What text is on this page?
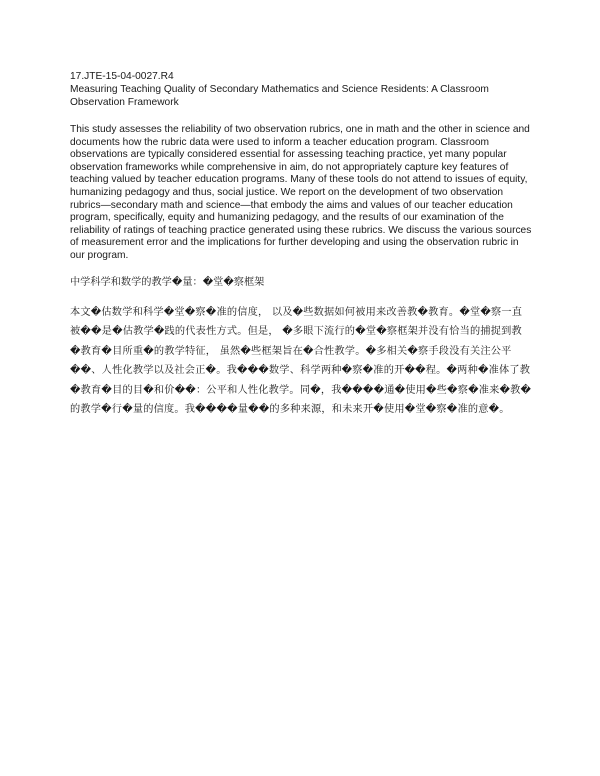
17.JTE-15-04-0027.R4

Measuring Teaching Quality of Secondary Mathematics and Science Residents: A Classroom Observation Framework

This study assesses the reliability of two observation rubrics, one in math and the other in science and documents how the rubric data were used to inform a teacher education program. Classroom observations are typically considered essential for assessing teaching practice, yet many popular observation frameworks while comprehensive in aim, do not appropriately capture key features of teaching valued by teacher education programs. Many of these tools do not attend to issues of equity, humanizing pedagogy and thus, social justice. We report on the development of two observation rubrics—secondary math and science—that embody the aims and values of our teacher education program, specifically, equity and humanizing pedagogy, and the results of our examination of the reliability of ratings of teaching practice generated using these rubrics. We discuss the various sources of measurement error and the implications for further developing and using the observation rubric in our program.

中学科学和数学的教学�量：�堂�察框架

本文�估数学和科学�堂�察�准的信度， 以及�些数据如何被用来改善教�教育。�堂�察一直被��是�估教学�践的代表性方式。但是， �多眼下流行的�堂�察框架并没有恰当的捕捉到教�教育�目所重�的教学特征， 虽然�些框架旨在�合性教学。�多相关�察手段没有关注公平��、人性化教学以及社会正�。我���数学、科学两种�察�准的开��程。�两种�准体了教�教育�目的目�和价��：公平和人性化教学。同�，我����通�使用�些�察�准来�教�的教学�行�量的信度。我����量��的多种来源，和未来开�使用�堂�察�准的意�。
